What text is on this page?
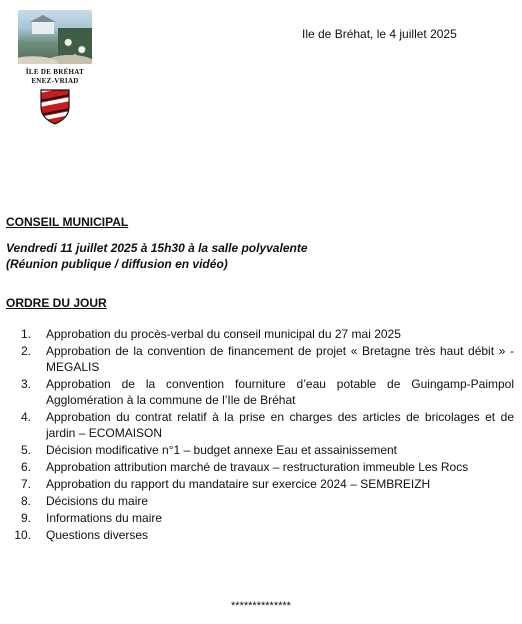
ÎLE DE BRÉHAT
ENEZ-VRIAD
Ile de Bréhat, le 4 juillet 2025
CONSEIL MUNICIPAL
Vendredi 11 juillet 2025 à 15h30 à la salle polyvalente
(Réunion publique / diffusion en vidéo)
ORDRE DU JOUR
1. Approbation du procès-verbal du conseil municipal du 27 mai 2025
2. Approbation de la convention de financement de projet « Bretagne très haut débit » - MEGALIS
3. Approbation de la convention fourniture d’eau potable de Guingamp-Paimpol Agglomération à la commune de l’Ile de Bréhat
4. Approbation du contrat relatif à la prise en charges des articles de bricolages et de jardin – ECOMAISON
5. Décision modificative n°1 – budget annexe Eau et assainissement
6. Approbation attribution marché de travaux – restructuration immeuble Les Rocs
7. Approbation du rapport du mandataire sur exercice 2024 – SEMBREIZH
8. Décisions du maire
9. Informations du maire
10. Questions diverses
**************
